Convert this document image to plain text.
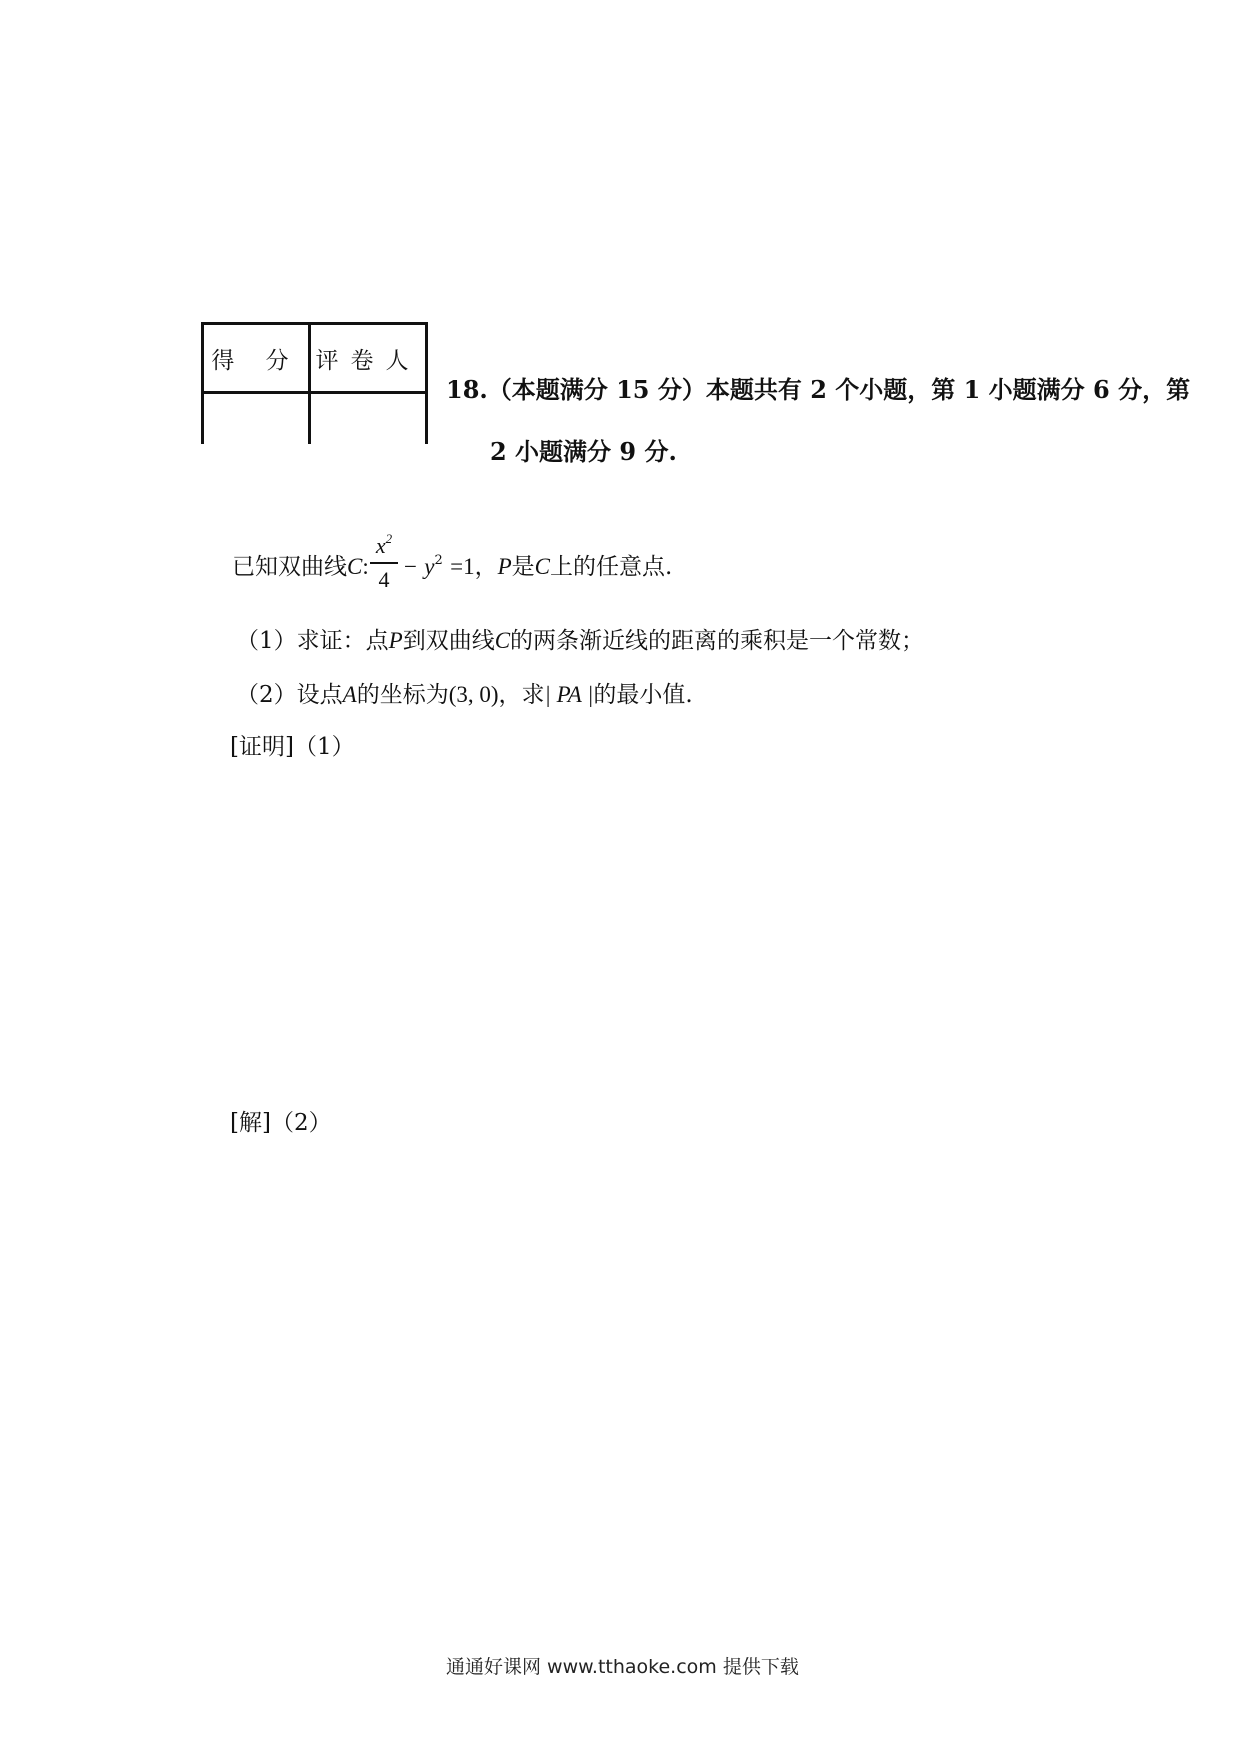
得 分	评卷人

18.（本题满分 15 分）本题共有 2 个小题，第 1 小题满分 6 分，第
2 小题满分 9 分.
已知双曲线C:
$x^2$
4
− $y^2 =1$，P是C上的任意点.
（1）求证：点P到双曲线C的两条渐近线的距离的乘积是一个常数；
（2）设点A的坐标为(3, 0)，求| PA |的最小值.
[证明]（1）
[解]（2）
通通好课网 www.tthaoke.com 提供下载
